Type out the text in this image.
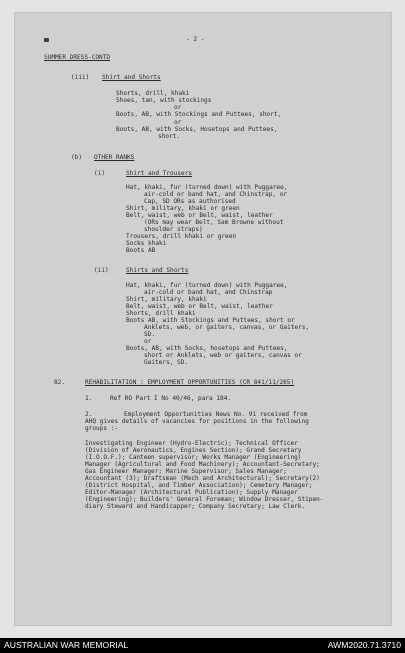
- 2 -
SUMMER DRESS-CONTD
(iii) Shirt and Shorts
Shorts, drill, khaki
Shoes, tan, with stockings
or
Boots, AB, with Stockings and Puttees, short,
or
Boots, AB, with Socks, Hosetops and Puttees,
short.
(b) OTHER RANKS
(i)	Shirt and Trousers
Hat, khaki, fur (turned down) with Puggaree,
air-cold or band hat, and Chinstrap, or
Cap, SD ORs as authorised
Shirt, military, khaki or green
Belt, waist, web or Belt, waist, leather
(ORs may wear Belt, Sam Browne without
shoulder straps)
Trousers, drill khaki or green
Socks khaki
Boots AB
(ii)	Shirts and Shorts
Hat, khaki, fur (turned down) with Puggaree,
air-cold or band hat, and Chinstrap
Shirt, military, khaki
Belt, waist, web or Belt, waist, leather
Shorts, drill khaki
Boots AB, with Stockings and Puttees, short or
Anklets, web, or gaiters, canvas, or Gaiters,
SD.
or
Boots, AB, with Socks, hosetops and Puttees,
short or Anklets, web or gaiters, canvas or
Gaiters, SD.
82.	REHABILITATION : EMPLOYMENT OPPORTUNITIES (CR 841/11/265)
1.	Ref RO Part I No 40/46, para 184.
2.	Employment Opportunities News No. 91 received from
AHQ gives details of vacancies for positions in the following
groups :-
Investigating Engineer (Hydro-Electric); Technical Officer
(Division of Aeronautics, Engines Section); Grand Secretary
(I.O.O.F.); Canteen supervisor; Works Manager (Engineering)
Manager (Agricultural and Food Machinery); Accountant-Secretary;
Gas Engineer Manager; Marine Supervisor; Sales Manager;
Accountant (3); Draftsman (Mech and Architectural); Secretary(2)
(District Hospital, and Timber Association); Cemetery Manager;
Editor-Manager (Architectural Publication); Supply Manager
(Engineering); Builders' General Foreman; Window Dresser, Stipen-
diary Steward and Handicapper; Company Secretary; Law Clerk.
AUSTRALIAN WAR MEMORIAL	AWM2020.71.3710
